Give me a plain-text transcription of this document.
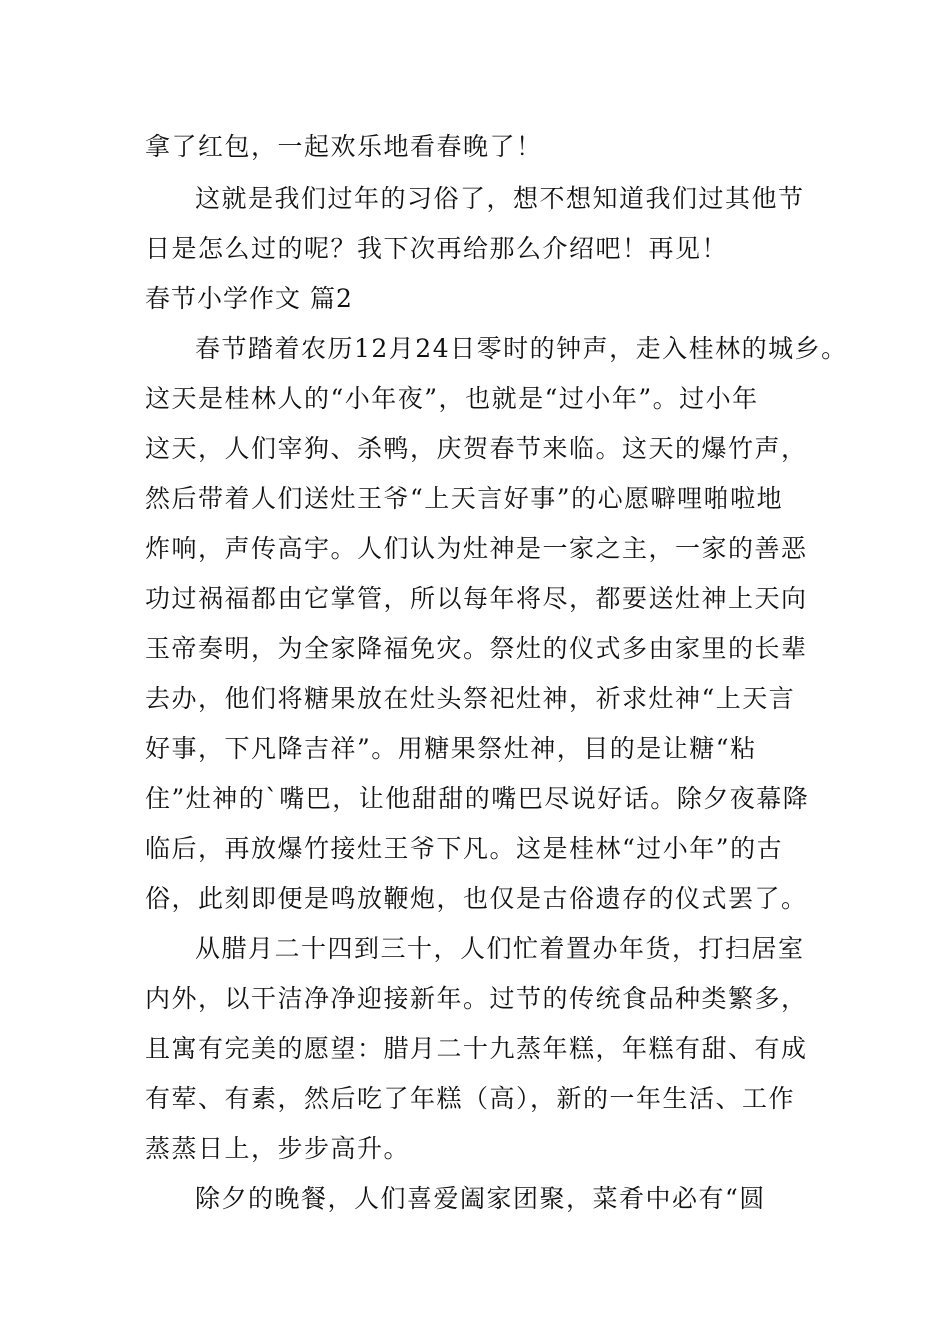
拿了红包，一起欢乐地看春晚了！
这就是我们过年的习俗了，想不想知道我们过其他节
日是怎么过的呢？我下次再给那么介绍吧！再见！
春节小学作文 篇2
春节踏着农历12月24日零时的钟声，走入桂林的城乡。
这天是桂林人的“小年夜”，也就是“过小年”。过小年
这天，人们宰狗、杀鸭，庆贺春节来临。这天的爆竹声，
然后带着人们送灶王爷“上天言好事”的心愿噼哩啪啦地
炸响，声传高宇。人们认为灶神是一家之主，一家的善恶
功过祸福都由它掌管，所以每年将尽，都要送灶神上天向
玉帝奏明，为全家降福免灾。祭灶的仪式多由家里的长辈
去办，他们将糖果放在灶头祭祀灶神，祈求灶神“上天言
好事，下凡降吉祥”。用糖果祭灶神，目的是让糖“粘
住”灶神的`嘴巴，让他甜甜的嘴巴尽说好话。除夕夜幕降
临后，再放爆竹接灶王爷下凡。这是桂林“过小年”的古
俗，此刻即便是鸣放鞭炮，也仅是古俗遗存的仪式罢了。
从腊月二十四到三十，人们忙着置办年货，打扫居室
内外，以干洁净净迎接新年。过节的传统食品种类繁多，
且寓有完美的愿望：腊月二十九蒸年糕，年糕有甜、有成
有荤、有素，然后吃了年糕（高），新的一年生活、工作
蒸蒸日上，步步高升。
除夕的晚餐，人们喜爱阖家团聚，菜肴中必有“圆
